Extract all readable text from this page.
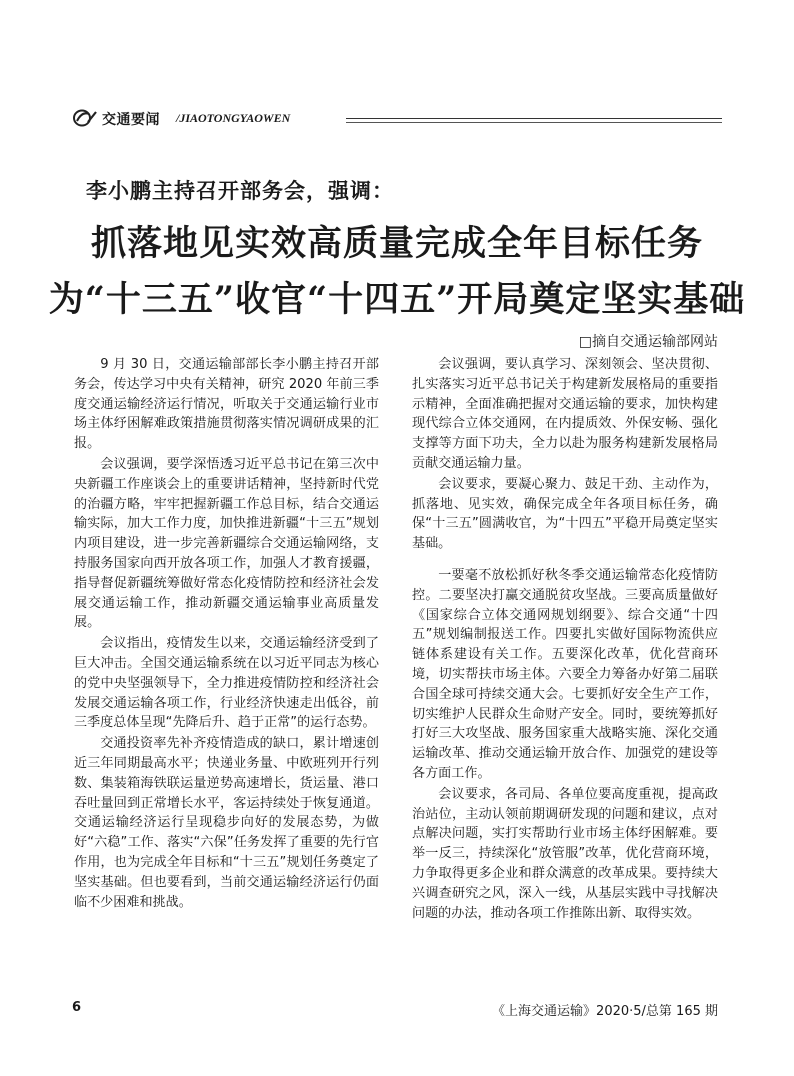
交通要闻 /JIAOTONGYAOWEN
李小鹏主持召开部务会，强调：
抓落地见实效高质量完成全年目标任务
为“十三五”收官“十四五”开局奠定坚实基础
□摘自交通运输部网站

9 月 30 日，交通运输部部长李小鹏主持召开部务会，传达学习中央有关精神，研究 2020 年前三季度交通运输经济运行情况，听取关于交通运输行业市场主体纾困解难政策措施贯彻落实情况调研成果的汇报。

会议强调，要学深悟透习近平总书记在第三次中央新疆工作座谈会上的重要讲话精神，坚持新时代党的治疆方略，牢牢把握新疆工作总目标，结合交通运输实际，加大工作力度，加快推进新疆“十三五”规划内项目建设，进一步完善新疆综合交通运输网络，支持服务国家向西开放各项工作，加强人才教育援疆，指导督促新疆统筹做好常态化疫情防控和经济社会发展交通运输工作，推动新疆交通运输事业高质量发展。

会议指出，疫情发生以来，交通运输经济受到了巨大冲击。全国交通运输系统在以习近平同志为核心的党中央坚强领导下，全力推进疫情防控和经济社会发展交通运输各项工作，行业经济快速走出低谷，前三季度总体呈现“先降后升、趋于正常”的运行态势。

交通投资率先补齐疫情造成的缺口，累计增速创近三年同期最高水平；快递业务量、中欧班列开行列数、集装箱海铁联运量逆势高速增长，货运量、港口吞吐量回到正常增长水平，客运持续处于恢复通道。交通运输经济运行呈现稳步向好的发展态势，为做好“六稳”工作、落实“六保”任务发挥了重要的先行官作用，也为完成全年目标和“十三五”规划任务奠定了坚实基础。但也要看到，当前交通运输经济运行仍面临不少困难和挑战。

会议强调，要认真学习、深刻领会、坚决贯彻、扎实落实习近平总书记关于构建新发展格局的重要指示精神，全面准确把握对交通运输的要求，加快构建现代综合立体交通网，在内提质效、外保安畅、强化支撑等方面下功夫，全力以赴为服务构建新发展格局贡献交通运输力量。

会议要求，要凝心聚力、鼓足干劲、主动作为，抓落地、见实效，确保完成全年各项目标任务，确保“十三五”圆满收官，为“十四五”平稳开局奠定坚实基础。

一要毫不放松抓好秋冬季交通运输常态化疫情防控。二要坚决打赢交通脱贫攻坚战。三要高质量做好《国家综合立体交通网规划纲要》、综合交通“十四五”规划编制报送工作。四要扎实做好国际物流供应链体系建设有关工作。五要深化改革，优化营商环境，切实帮扶市场主体。六要全力筹备办好第二届联合国全球可持续交通大会。七要抓好安全生产工作，切实维护人民群众生命财产安全。同时，要统筹抓好打好三大攻坚战、服务国家重大战略实施、深化交通运输改革、推动交通运输开放合作、加强党的建设等各方面工作。

会议要求，各司局、各单位要高度重视，提高政治站位，主动认领前期调研发现的问题和建议，点对点解决问题，实打实帮助行业市场主体纾困解难。要举一反三，持续深化“放管服”改革，优化营商环境，力争取得更多企业和群众满意的改革成果。要持续大兴调查研究之风，深入一线，从基层实践中寻找解决问题的办法，推动各项工作推陈出新、取得实效。

6	《上海交通运输》2020·5/总第 165 期
